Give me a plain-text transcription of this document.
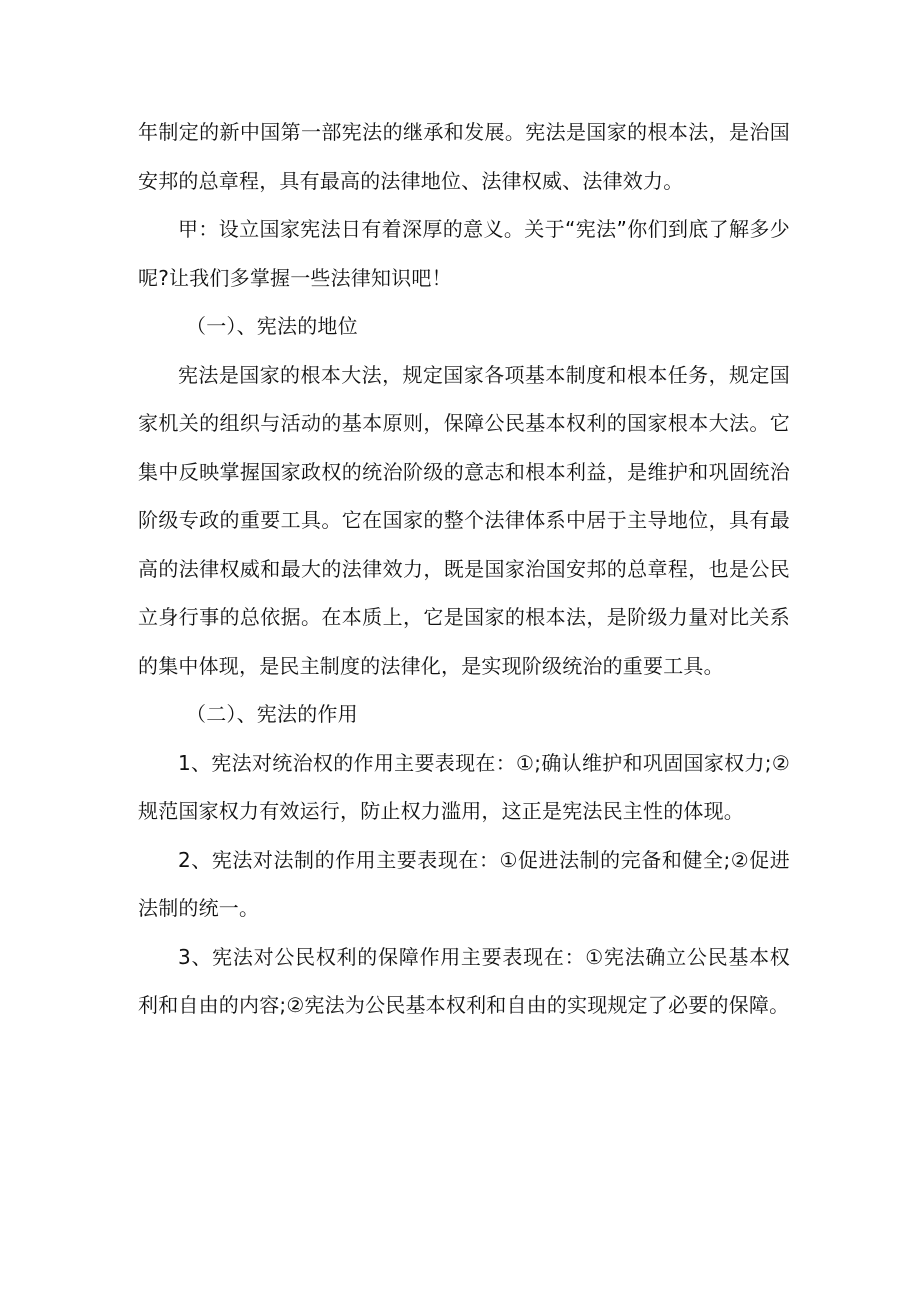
年制定的新中国第一部宪法的继承和发展。宪法是国家的根本法，是治国安邦的总章程，具有最高的法律地位、法律权威、法律效力。

甲：设立国家宪法日有着深厚的意义。关于“宪法”你们到底了解多少呢?让我们多掌握一些法律知识吧！

（一）、宪法的地位

宪法是国家的根本大法，规定国家各项基本制度和根本任务，规定国家机关的组织与活动的基本原则，保障公民基本权利的国家根本大法。它集中反映掌握国家政权的统治阶级的意志和根本利益，是维护和巩固统治阶级专政的重要工具。它在国家的整个法律体系中居于主导地位，具有最高的法律权威和最大的法律效力，既是国家治国安邦的总章程，也是公民立身行事的总依据。在本质上，它是国家的根本法，是阶级力量对比关系的集中体现，是民主制度的法律化，是实现阶级统治的重要工具。

（二）、宪法的作用

1、宪法对统治权的作用主要表现在：①;确认维护和巩固国家权力;②规范国家权力有效运行，防止权力滥用，这正是宪法民主性的体现。

2、宪法对法制的作用主要表现在：①促进法制的完备和健全;②促进法制的统一。

3、宪法对公民权利的保障作用主要表现在：①宪法确立公民基本权利和自由的内容;②宪法为公民基本权利和自由的实现规定了必要的保障。
